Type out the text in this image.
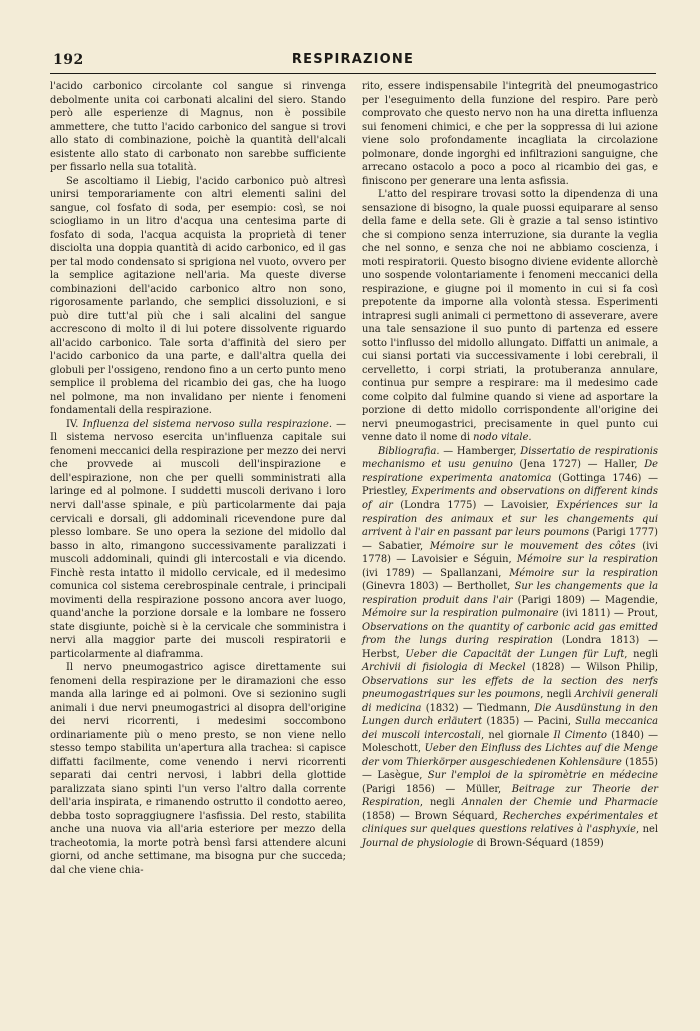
192	RESPIRAZIONE

l'acido carbonico circolante col sangue si rinvenga debolmente unita coi carbonati alcalini del siero. Stando però alle esperienze di Magnus, non è possibile ammettere, che tutto l'acido carbonico del sangue si trovi allo stato di combinazione, poichè la quantità dell'alcali esistente allo stato di carbonato non sarebbe sufficiente per fissarlo nella sua totalità.

Se ascoltiamo il Liebig, l'acido carbonico può altresì unirsi temporariamente con altri elementi salini del sangue, col fosfato di soda, per esempio: così, se noi sciogliamo in un litro d'acqua una centesima parte di fosfato di soda, l'acqua acquista la proprietà di tener disciolta una doppia quantità di acido carbonico, ed il gas per tal modo condensato si sprigiona nel vuoto, ovvero per la semplice agitazione nell'aria. Ma queste diverse combinazioni dell'acido carbonico altro non sono, rigorosamente parlando, che semplici dissoluzioni, e si può dire tutt'al più che i sali alcalini del sangue accrescono di molto il di lui potere dissolvente riguardo all'acido carbonico. Tale sorta d'affinità del siero per l'acido carbonico da una parte, e dall'altra quella dei globuli per l'ossigeno, rendono fino a un certo punto meno semplice il problema del ricambio dei gas, che ha luogo nel polmone, ma non invalidano per niente i fenomeni fondamentali della respirazione.

IV. Influenza del sistema nervoso sulla respirazione. — Il sistema nervoso esercita un'influenza capitale sui fenomeni meccanici della respirazione per mezzo dei nervi che provvede ai muscoli dell'inspirazione e dell'espirazione, non che per quelli somministrati alla laringe ed al polmone. I suddetti muscoli derivano i loro nervi dall'asse spinale, e più particolarmente dai paja cervicali e dorsali, gli addominali ricevendone pure dal plesso lombare. Se uno opera la sezione del midollo dal basso in alto, rimangono successivamente paralizzati i muscoli addominali, quindi gli intercostali e via dicendo. Finchè resta intatto il midollo cervicale, ed il medesimo comunica col sistema cerebrospinale centrale, i principali movimenti della respirazione possono ancora aver luogo, quand'anche la porzione dorsale e la lombare ne fossero state disgiunte, poichè si è la cervicale che somministra i nervi alla maggior parte dei muscoli respiratorii e particolarmente al diaframma.

Il nervo pneumogastrico agisce direttamente sui fenomeni della respirazione per le diramazioni che esso manda alla laringe ed ai polmoni. Ove si sezionino sugli animali i due nervi pneumogastrici al disopra dell'origine dei nervi ricorrenti, i medesimi soccombono ordinariamente più o meno presto, se non viene nello stesso tempo stabilita un'apertura alla trachea: si capisce diffatti facilmente, come venendo i nervi ricorrenti separati dai centri nervosi, i labbri della glottide paralizzata siano spinti l'un verso l'altro dalla corrente dell'aria inspirata, e rimanendo ostrutto il condotto aereo, debba tosto sopraggiugnere l'asfissia. Del resto, stabilita anche una nuova via all'aria esteriore per mezzo della tracheotomia, la morte potrà bensì farsi attendere alcuni giorni, od anche settimane, ma bisogna pur che succeda; dal che viene chia-

rito, essere indispensabile l'integrità del pneumogastrico per l'eseguimento della funzione del respiro. Pare però comprovato che questo nervo non ha una diretta influenza sui fenomeni chimici, e che per la soppressa di lui azione viene solo profondamente incagliata la circolazione polmonare, donde ingorghi ed infiltrazioni sanguigne, che arrecano ostacolo a poco a poco al ricambio dei gas, e finiscono per generare una lenta asfissia.

L'atto del respirare trovasi sotto la dipendenza di una sensazione di bisogno, la quale puossi equiparare al senso della fame e della sete. Gli è grazie a tal senso istintivo che si compiono senza interruzione, sia durante la veglia che nel sonno, e senza che noi ne abbiamo coscienza, i moti respiratorii. Questo bisogno diviene evidente allorchè uno sospende volontariamente i fenomeni meccanici della respirazione, e giugne poi il momento in cui si fa così prepotente da imporne alla volontà stessa. Esperimenti intrapresi sugli animali ci permettono di asseverare, avere una tale sensazione il suo punto di partenza ed essere sotto l'influsso del midollo allungato. Diffatti un animale, a cui siansi portati via successivamente i lobi cerebrali, il cervelletto, i corpi striati, la protuberanza annulare, continua pur sempre a respirare: ma il medesimo cade come colpito dal fulmine quando si viene ad asportare la porzione di detto midollo corrispondente all'origine dei nervi pneumogastrici, precisamente in quel punto cui venne dato il nome di nodo vitale.

Bibliografia. — Hamberger, Dissertatio de respirationis mechanismo et usu genuino (Jena 1727) — Haller, De respiratione experimenta anatomica (Gottinga 1746) — Priestley, Experiments and observations on different kinds of air (Londra 1775) — Lavoisier, Expériences sur la respiration des animaux et sur les changements qui arrivent à l'air en passant par leurs poumons (Parigi 1777) — Sabatier, Mémoire sur le mouvement des côtes (ivi 1778) — Lavoisier e Séguin, Mémoire sur la respiration (ivi 1789) — Spallanzani, Mémoire sur la respiration (Ginevra 1803) — Berthollet, Sur les changements que la respiration produit dans l'air (Parigi 1809) — Magendie, Mémoire sur la respiration pulmonaire (ivi 1811) — Prout, Observations on the quantity of carbonic acid gas emitted from the lungs during respiration (Londra 1813) — Herbst, Ueber die Capacität der Lungen für Luft, negli Archivii di fisiologia di Meckel (1828) — Wilson Philip, Observations sur les effets de la section des nerfs pneumogastriques sur les poumons, negli Archivii generali di medicina (1832) — Tiedmann, Die Ausdünstung in den Lungen durch erläutert (1835) — Pacini, Sulla meccanica dei muscoli intercostali, nel giornale Il Cimento (1840) — Moleschott, Ueber den Einfluss des Lichtes auf die Menge der vom Thierkörper ausgeschiedenen Kohlensäure (1855) — Lasègue, Sur l'emploi de la spiromètrie en médecine (Parigi 1856) — Müller, Beitrage zur Theorie der Respiration, negli Annalen der Chemie und Pharmacie (1858) — Brown Séquard, Recherches expérimentales et cliniques sur quelques questions relatives à l'asphyxie, nel Journal de physiologie di Brown-Séquard (1859)
